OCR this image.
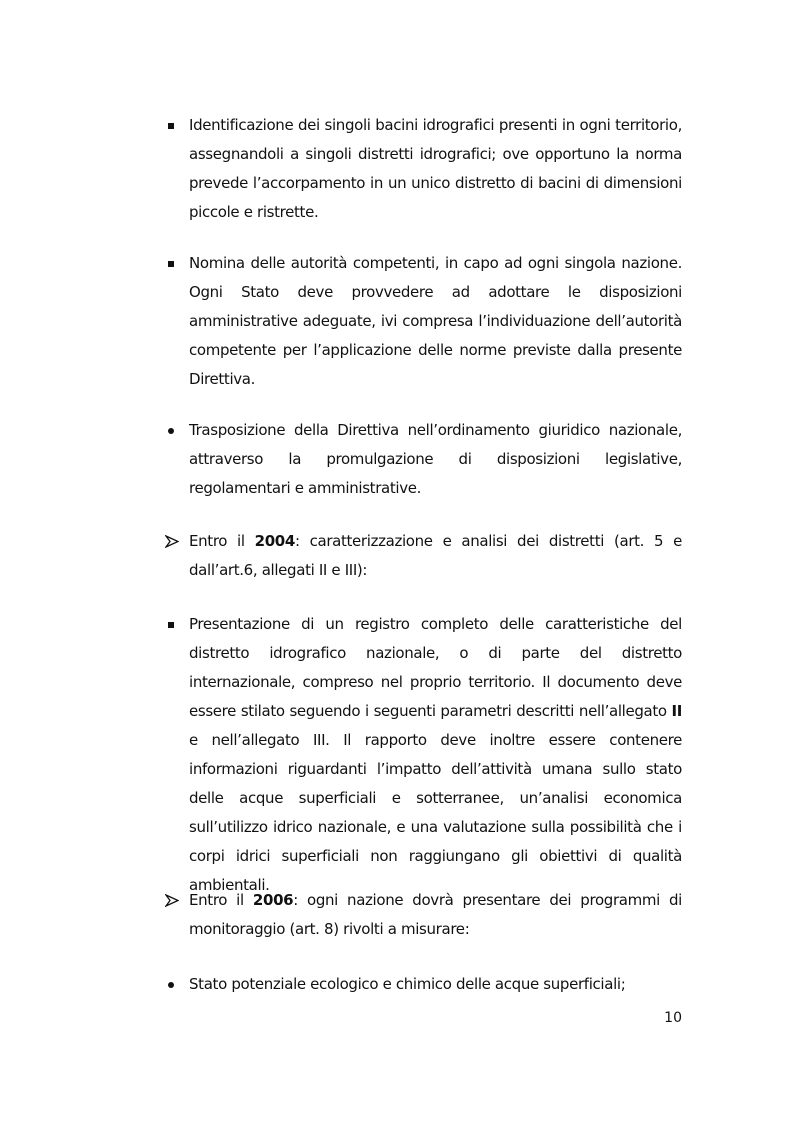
Identificazione dei singoli bacini idrografici presenti in ogni territorio, assegnandoli a singoli distretti idrografici; ove opportuno la norma prevede l’accorpamento in un unico distretto di bacini di dimensioni piccole e ristrette.
Nomina delle autorità competenti, in capo ad ogni singola nazione. Ogni Stato deve provvedere ad adottare le disposizioni amministrative adeguate, ivi compresa l’individuazione dell’autorità competente per l’applicazione delle norme previste dalla presente Direttiva.
Trasposizione della Direttiva nell’ordinamento giuridico nazionale, attraverso la promulgazione di disposizioni legislative, regolamentari e amministrative.
Entro il 2004: caratterizzazione e analisi dei distretti (art. 5 e dall’art.6, allegati II e III):
Presentazione di un registro completo delle caratteristiche del distretto idrografico nazionale, o di parte del distretto internazionale, compreso nel proprio territorio. Il documento deve essere stilato seguendo i seguenti parametri descritti nell’allegato II e nell’allegato III. Il rapporto deve inoltre essere contenere informazioni riguardanti l’impatto dell’attività umana sullo stato delle acque superficiali e sotterranee, un’analisi economica sull’utilizzo idrico nazionale, e una valutazione sulla possibilità che i corpi idrici superficiali non raggiungano gli obiettivi di qualità ambientali.
Entro il 2006: ogni nazione dovrà presentare dei programmi di monitoraggio (art. 8) rivolti a misurare:
Stato potenziale ecologico e chimico delle acque superficiali;
10
